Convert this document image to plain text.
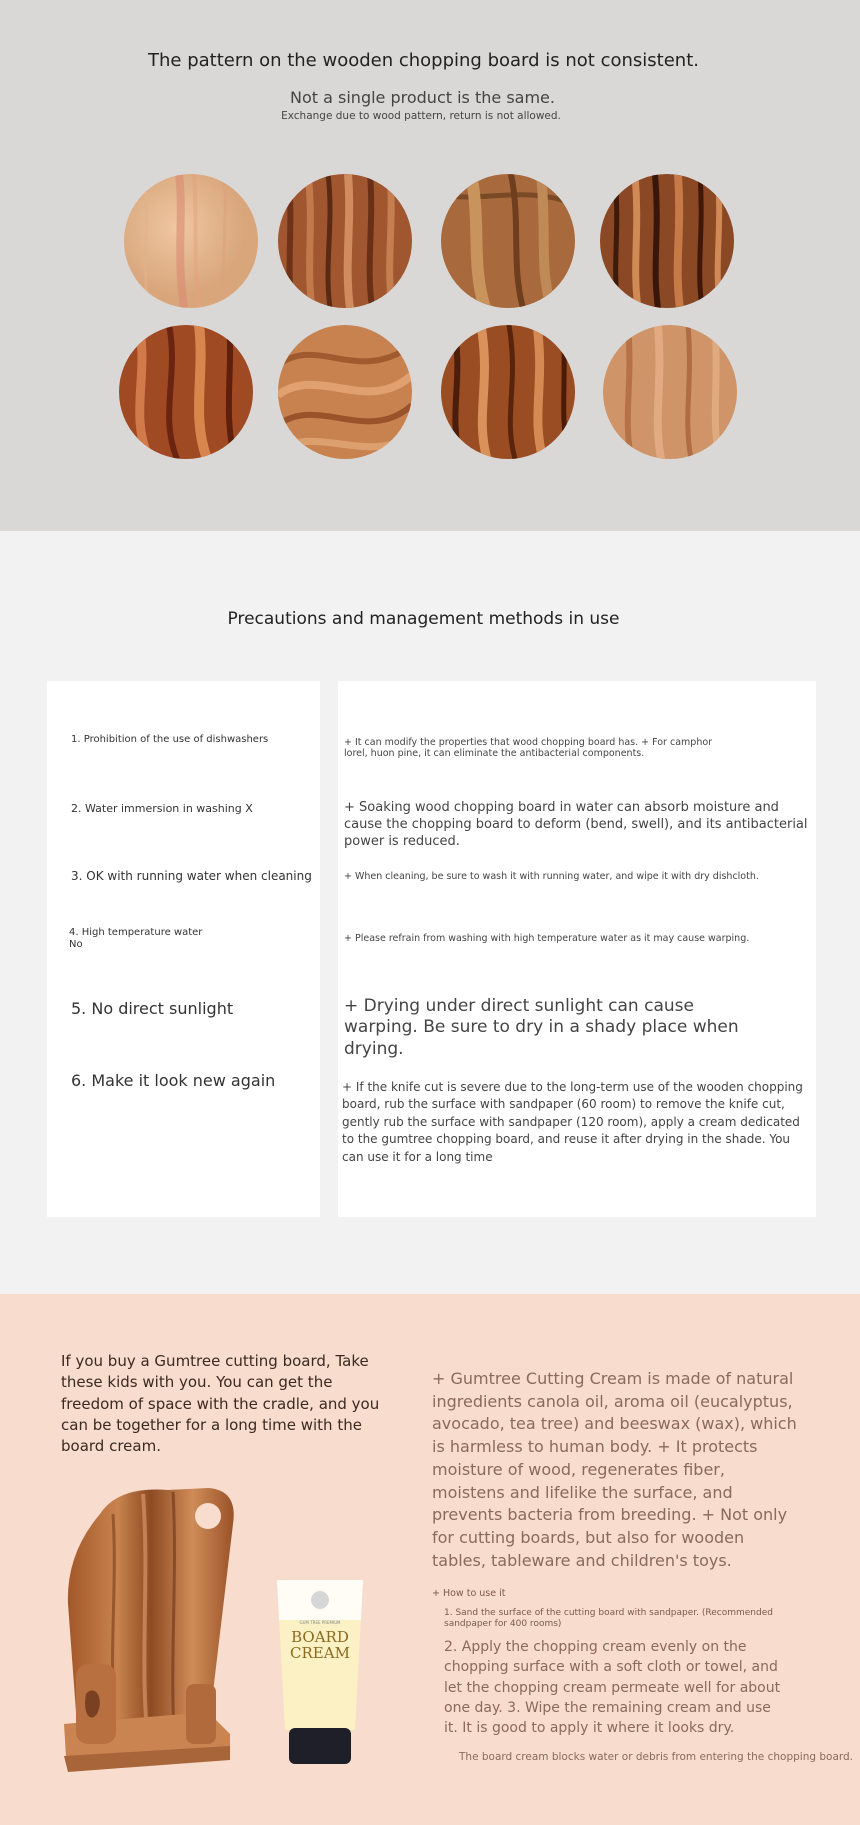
The pattern on the wooden chopping board is not consistent.
Not a single product is the same.
Exchange due to wood pattern, return is not allowed.
Precautions and management methods in use
1. Prohibition of the use of dishwashers
2. Water immersion in washing X
3. OK with running water when cleaning
4. High temperature water No
5. No direct sunlight
6. Make it look new again
+ It can modify the properties that wood chopping board has. + For camphor lorel, huon pine, it can eliminate the antibacterial components.
+ Soaking wood chopping board in water can absorb moisture and cause the chopping board to deform (bend, swell), and its antibacterial power is reduced.
+ When cleaning, be sure to wash it with running water, and wipe it with dry dishcloth.
+ Please refrain from washing with high temperature water as it may cause warping.
+ Drying under direct sunlight can cause warping. Be sure to dry in a shady place when drying.
+ If the knife cut is severe due to the long-term use of the wooden chopping board, rub the surface with sandpaper (60 room) to remove the knife cut, gently rub the surface with sandpaper (120 room), apply a cream dedicated to the gumtree chopping board, and reuse it after drying in the shade. You can use it for a long time
If you buy a Gumtree cutting board, Take these kids with you. You can get the freedom of space with the cradle, and you can be together for a long time with the board cream.
GUM TREE PREMIUM
BOARD
CREAM
+ Gumtree Cutting Cream is made of natural ingredients canola oil, aroma oil (eucalyptus, avocado, tea tree) and beeswax (wax), which is harmless to human body. + It protects moisture of wood, regenerates fiber, moistens and lifelike the surface, and prevents bacteria from breeding. + Not only for cutting boards, but also for wooden tables, tableware and children's toys.
+ How to use it
1. Sand the surface of the cutting board with sandpaper. (Recommended sandpaper for 400 rooms)
2. Apply the chopping cream evenly on the chopping surface with a soft cloth or towel, and let the chopping cream permeate well for about one day. 3. Wipe the remaining cream and use it. It is good to apply it where it looks dry.
The board cream blocks water or debris from entering the chopping board.
